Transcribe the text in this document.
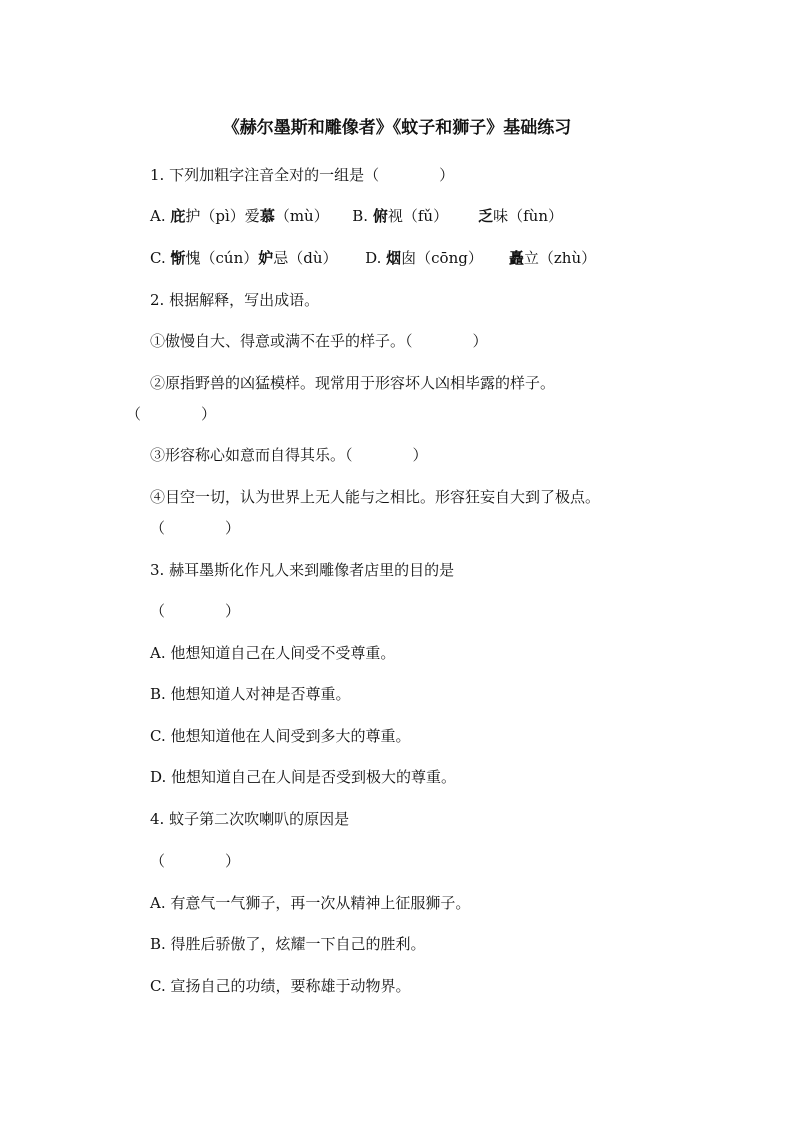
《赫尔墨斯和雕像者》《蚊子和狮子》基础练习
1. 下列加粗字注音全对的一组是（　　　　）
A. 庇护（pì）爱慕（mù） B. 俯视（fǔ） 乏味（fùn）
C. 惭愧（cún）妒忌（dù） D. 烟囱（cōng） 矗立（zhù）
2. 根据解释，写出成语。
①傲慢自大、得意或满不在乎的样子。（　　　　）
②原指野兽的凶猛模样。现常用于形容坏人凶相毕露的样子。
（　　　　）
③形容称心如意而自得其乐。（　　　　）
④目空一切，认为世界上无人能与之相比。形容狂妄自大到了极点。
（　　　　）
3. 赫耳墨斯化作凡人来到雕像者店里的目的是
（　　　　）
A. 他想知道自己在人间受不受尊重。
B. 他想知道人对神是否尊重。
C. 他想知道他在人间受到多大的尊重。
D. 他想知道自己在人间是否受到极大的尊重。
4. 蚊子第二次吹喇叭的原因是
（　　　　）
A. 有意气一气狮子，再一次从精神上征服狮子。
B. 得胜后骄傲了，炫耀一下自己的胜利。
C. 宣扬自己的功绩，要称雄于动物界。
